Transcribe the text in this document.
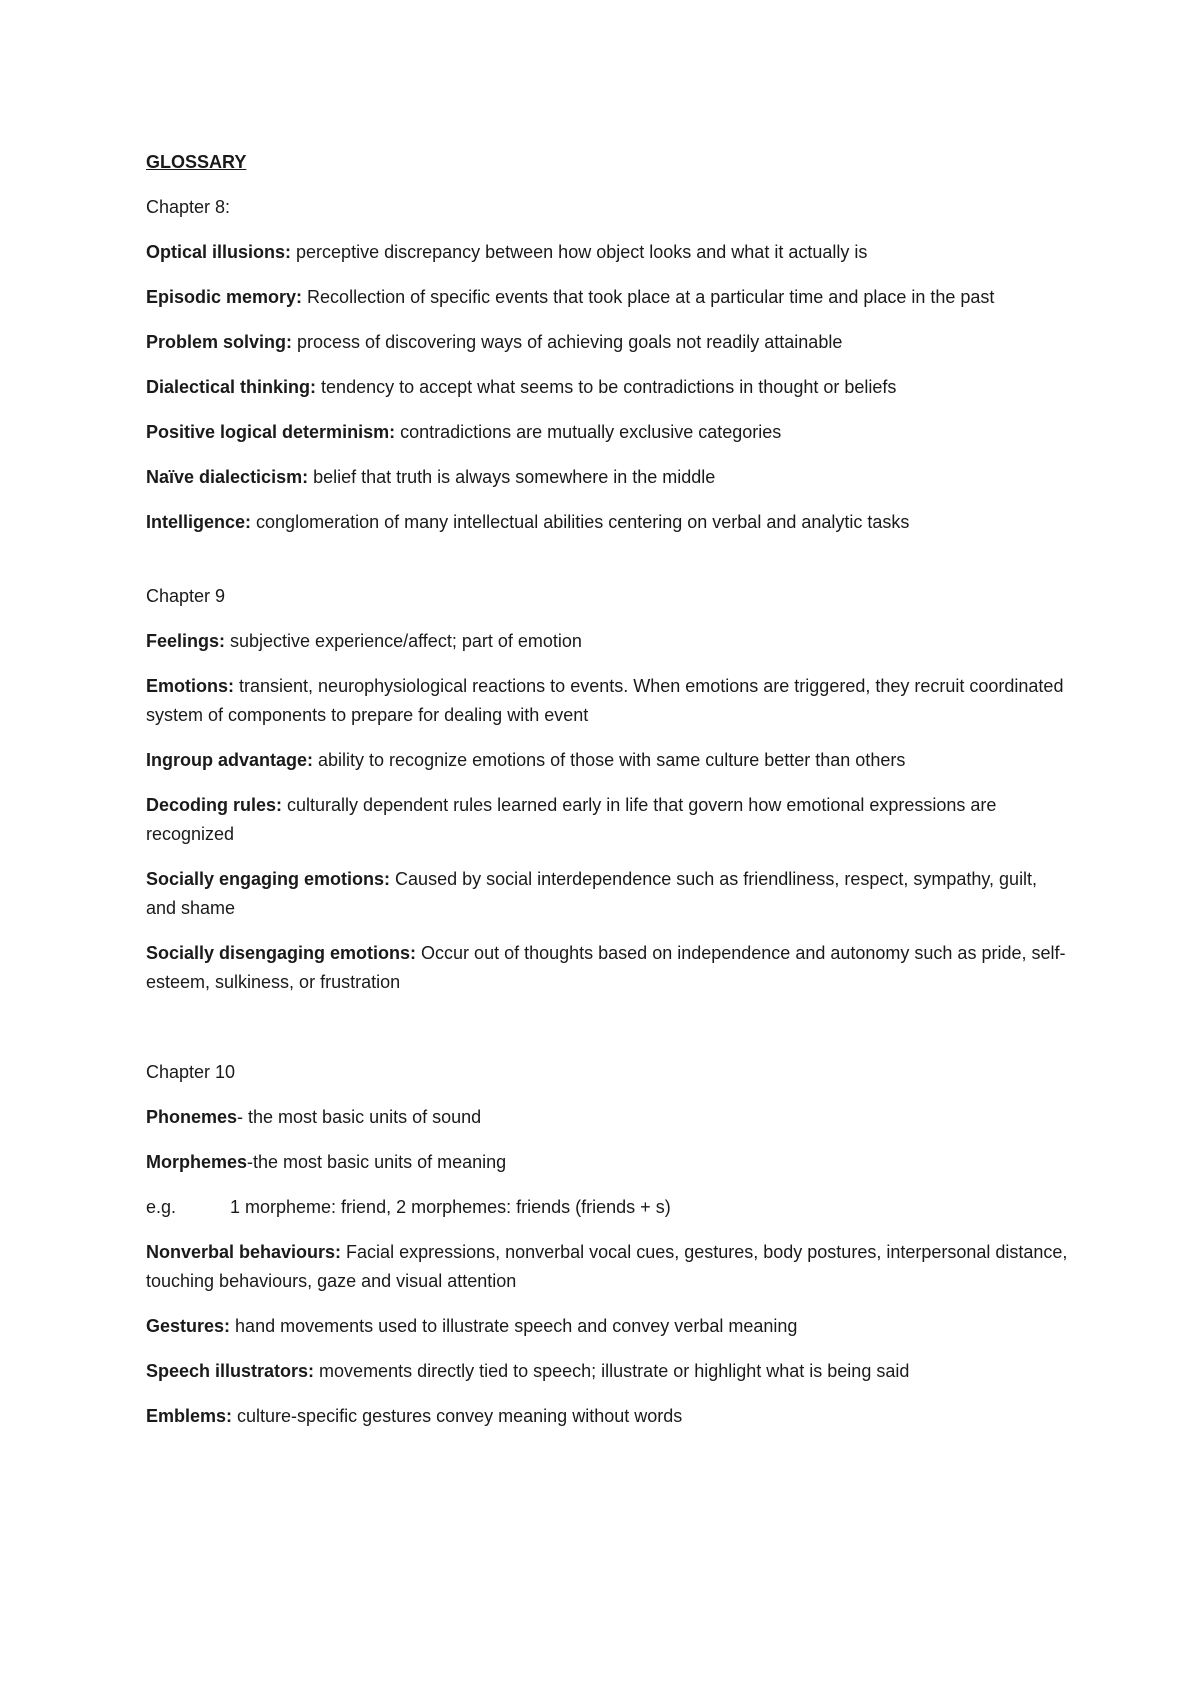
GLOSSARY
Chapter 8:
Optical illusions: perceptive discrepancy between how object looks and what it actually is
Episodic memory: Recollection of specific events that took place at a particular time and place in the past
Problem solving: process of discovering ways of achieving goals not readily attainable
Dialectical thinking: tendency to accept what seems to be contradictions in thought or beliefs
Positive logical determinism: contradictions are mutually exclusive categories
Naïve dialecticism: belief that truth is always somewhere in the middle
Intelligence: conglomeration of many intellectual abilities centering on verbal and analytic tasks
Chapter 9
Feelings: subjective experience/affect; part of emotion
Emotions: transient, neurophysiological reactions to events. When emotions are triggered, they recruit coordinated system of components to prepare for dealing with event
Ingroup advantage: ability to recognize emotions of those with same culture better than others
Decoding rules: culturally dependent rules learned early in life that govern how emotional expressions are recognized
Socially engaging emotions: Caused by social interdependence such as friendliness, respect, sympathy, guilt, and shame
Socially disengaging emotions: Occur out of thoughts based on independence and autonomy such as pride, self-esteem, sulkiness, or frustration
Chapter 10
Phonemes- the most basic units of sound
Morphemes-the most basic units of meaning
e.g.	1 morpheme: friend, 2 morphemes: friends (friends + s)
Nonverbal behaviours: Facial expressions, nonverbal vocal cues, gestures, body postures, interpersonal distance, touching behaviours, gaze and visual attention
Gestures: hand movements used to illustrate speech and convey verbal meaning
Speech illustrators: movements directly tied to speech; illustrate or highlight what is being said
Emblems: culture-specific gestures convey meaning without words
